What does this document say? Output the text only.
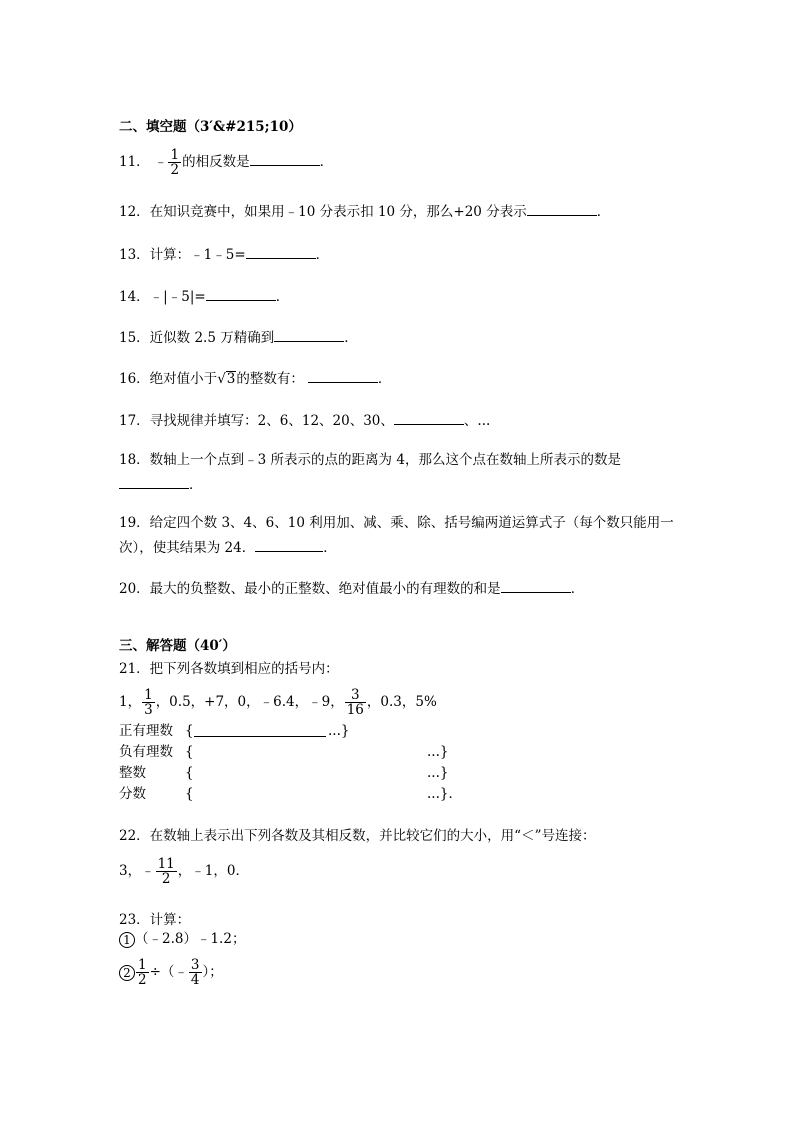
二、填空题（3′&#215;10）
11． ﹣ $\frac{1}{2}$ 的相反数是	．
12．在知识竞赛中，如果用﹣10 分表示扣 10 分，那么+20 分表示	．
13．计算：﹣1﹣5=	．
14．﹣|﹣5|=	．
15．近似数 2.5 万精确到	．
16．绝对值小于√3的整数有：	．
17．寻找规律并填写：2、6、12、20、30、	、...
18．数轴上一个点到﹣3 所表示的点的距离为 4，那么这个点在数轴上所表示的数是
．
19．给定四个数 3、4、6、10 利用加、减、乘、除、括号编两道运算式子（每个数只能用一
次），使其结果为 24．	．
20．最大的负整数、最小的正整数、绝对值最小的有理数的和是	．
三、解答题（40′）
21．把下列各数填到相应的括号内：
1， $\frac{1}{3}$ ，0.5，+7，0，﹣6.4，﹣9， $\frac{3}{16}$ ，0.3，5%
正有理数 {	...}
负有理数 {	...}
整数	{	...}
分数	{	...}．
22．在数轴上表示出下列各数及其相反数，并比较它们的大小，用“＜”号连接：
3，﹣ $\frac{11}{2}$ ，﹣1，0．
23．计算：
1 （﹣2.8）﹣1.2；
$2 \frac{1}{2}$ ÷（﹣ $\frac{3}{4}$ ）；
